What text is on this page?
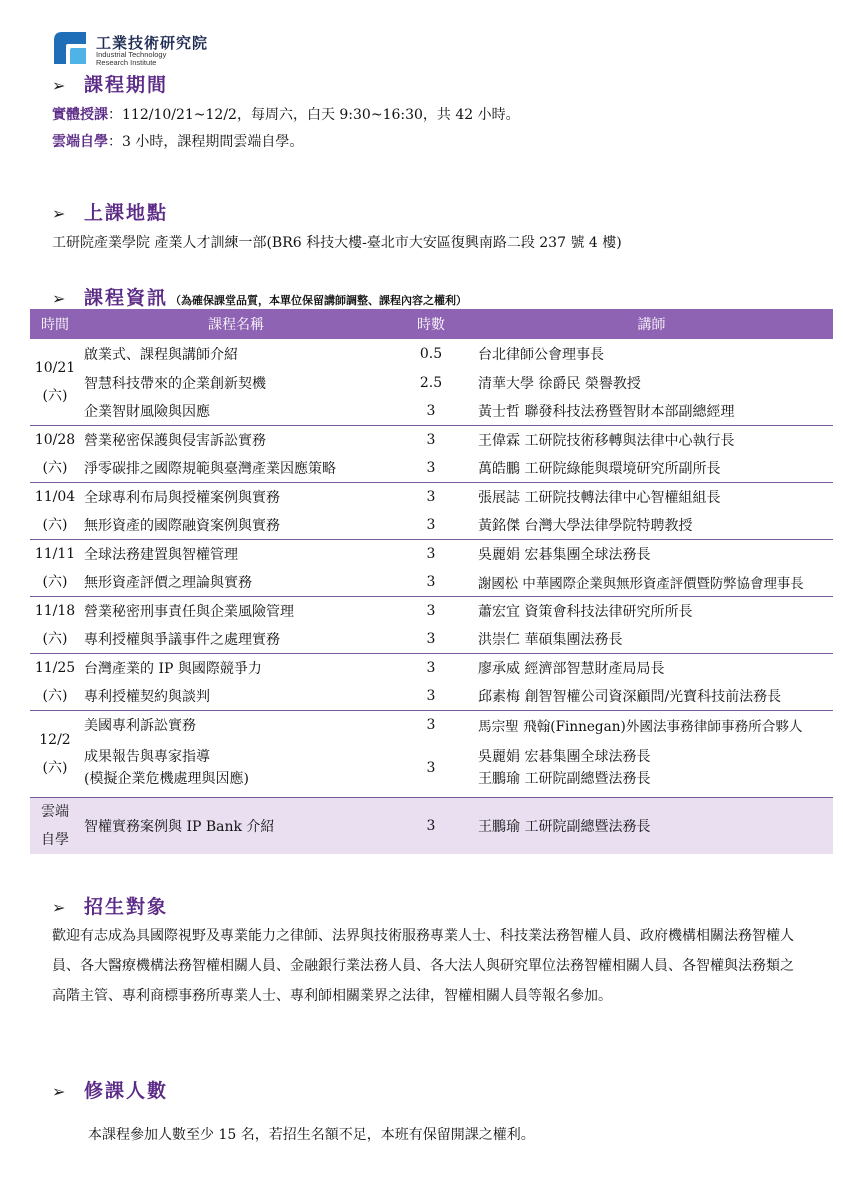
工業技術研究院
Industrial Technology
Research Institute
➢ 課程期間
實體授課：112/10/21~12/2，每周六，白天 9:30~16:30，共 42 小時。
雲端自學：3 小時，課程期間雲端自學。
➢ 上課地點
工研院產業學院 產業人才訓練一部(BR6 科技大樓-臺北市大安區復興南路二段 237 號 4 樓)
➢ 課程資訊 （為確保課堂品質，本單位保留講師調整、課程內容之權利）
時間	課程名稱	時數	講師

10/21
(六)	啟業式、課程與講師介紹	0.5	台北律師公會理事長
	智慧科技帶來的企業創新契機	2.5	清華大學 徐爵民 榮譽教授
	企業智財風險與因應	3	黃士哲 聯發科技法務暨智財本部副總經理

10/28
(六)	營業秘密保護與侵害訴訟實務	3	王偉霖 工研院技術移轉與法律中心執行長
	淨零碳排之國際規範與臺灣產業因應策略	3	萬皓鵬 工研院綠能與環境研究所副所長

11/04
(六)	全球專利布局與授權案例與實務	3	張展誌 工研院技轉法律中心智權組組長
	無形資產的國際融資案例與實務	3	黃銘傑 台灣大學法律學院特聘教授

11/11
(六)	全球法務建置與智權管理	3	吳麗娟 宏碁集團全球法務長
	無形資產評價之理論與實務	3	謝國松 中華國際企業與無形資產評價暨防弊協會理事長

11/18
(六)	營業秘密刑事責任與企業風險管理	3	蕭宏宜 資策會科技法律研究所所長
	專利授權與爭議事件之處理實務	3	洪崇仁 華碩集團法務長

11/25
(六)	台灣產業的 IP 與國際競爭力	3	廖承威 經濟部智慧財產局局長
	專利授權契約與談判	3	邱素梅 創智智權公司資深顧問/光寶科技前法務長

12/2
(六)	美國專利訴訟實務	3	馬宗聖 飛翰(Finnegan)外國法事務律師事務所合夥人

	成果報告與專家指導
(模擬企業危機處理與因應)	3	吳麗娟 宏碁集團全球法務長
王鵬瑜 工研院副總暨法務長

雲端
自學	智權實務案例與 IP Bank 介紹	3	王鵬瑜 工研院副總暨法務長
➢ 招生對象
歡迎有志成為具國際視野及專業能力之律師、法界與技術服務專業人士、科技業法務智權人員、政府機構相關法務智權人員、各大醫療機構法務智權相關人員、金融銀行業法務人員、各大法人與研究單位法務智權相關人員、各智權與法務類之高階主管、專利商標事務所專業人士、專利師相關業界之法律，智權相關人員等報名參加。
➢ 修課人數
本課程參加人數至少 15 名，若招生名額不足，本班有保留開課之權利。
